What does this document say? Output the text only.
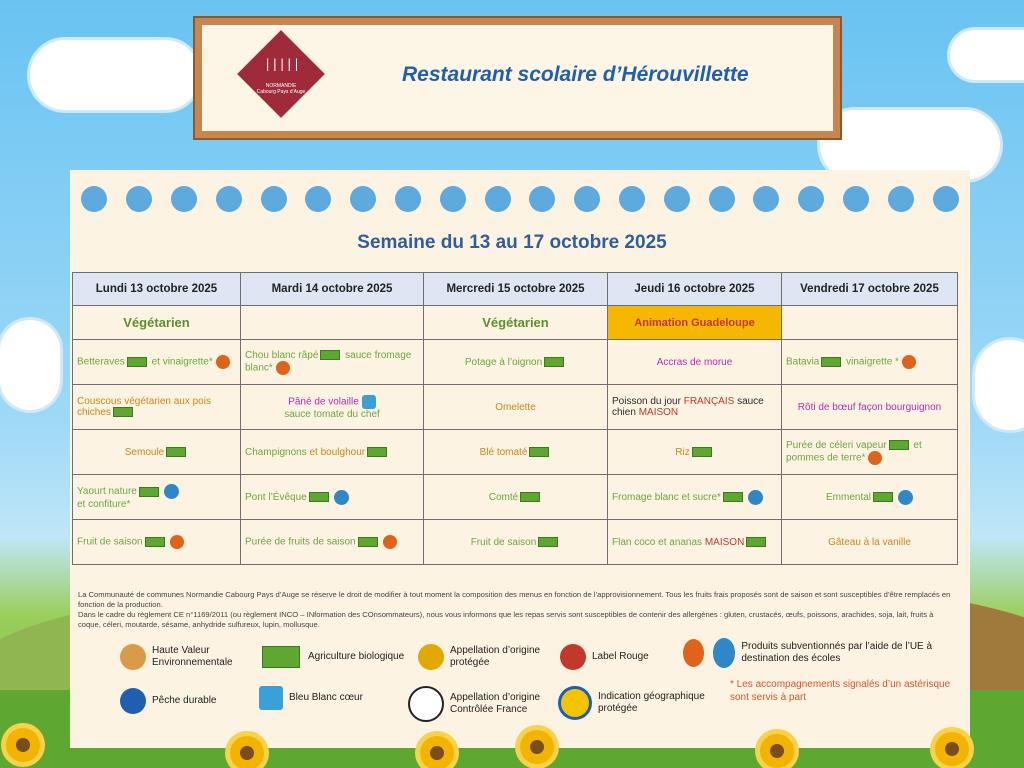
|||||
NORMANDIE
Cabourg Pays d’Auge
Restaurant scolaire d’Hérouvillette
Semaine du 13 au 17 octobre 2025
Lundi 13 octobre 2025	Mardi 14 octobre 2025	Mercredi 15 octobre 2025	Jeudi 16 octobre 2025	Vendredi 17 octobre 2025
Végétarien		Végétarien	Animation Guadeloupe	
Betteraves et vinaigrette*	Chou blanc râpé sauce fromage blanc*	Potage à l’oignon	Accras de morue	Batavia vinaigrette *
Couscous végétarien aux pois chiches	Pâné de volaille
sauce tomate du chef	Omelette	Poisson du jour FRANÇAIS sauce chien MAISON	Rôti de bœuf façon bourguignon
Semoule	Champignons et boulghour	Blé tomaté	Riz	Purée de céleri vapeur et pommes de terre*
Yaourt nature
et confiture*	Pont l’Évêque	Comté	Fromage blanc et sucre*	Emmental
Fruit de saison	Purée de fruits de saison	Fruit de saison	Flan coco et ananas MAISON	Gâteau à la vanille

La Communauté de communes Normandie Cabourg Pays d’Auge se réserve le droit de modifier à tout moment la composition des menus en fonction de l’approvisionnement. Tous les fruits frais proposés sont de saison et sont susceptibles d’être remplacés en fonction de la production.

Dans le cadre du règlement CE n°1169/2011 (ou règlement INCO – INformation des COnsommateurs), nous vous informons que les repas servis sont susceptibles de contenir des allergènes : gluten, crustacés, œufs, poissons, arachides, soja, lait, fruits à coque, céleri, moutarde, sésame, anhydride sulfureux, lupin, mollusque.

Haute Valeur Environnementale
Agriculture biologique
Appellation d’origine protégée
Label Rouge
Produits subventionnés par l’aide de l’UE à destination des écoles
Pêche durable	Bleu Blanc cœur	Appellation d’origine Contrôlée France
Indication géographique protégée
* Les accompagnements signalés d’un astérisque sont servis à part
